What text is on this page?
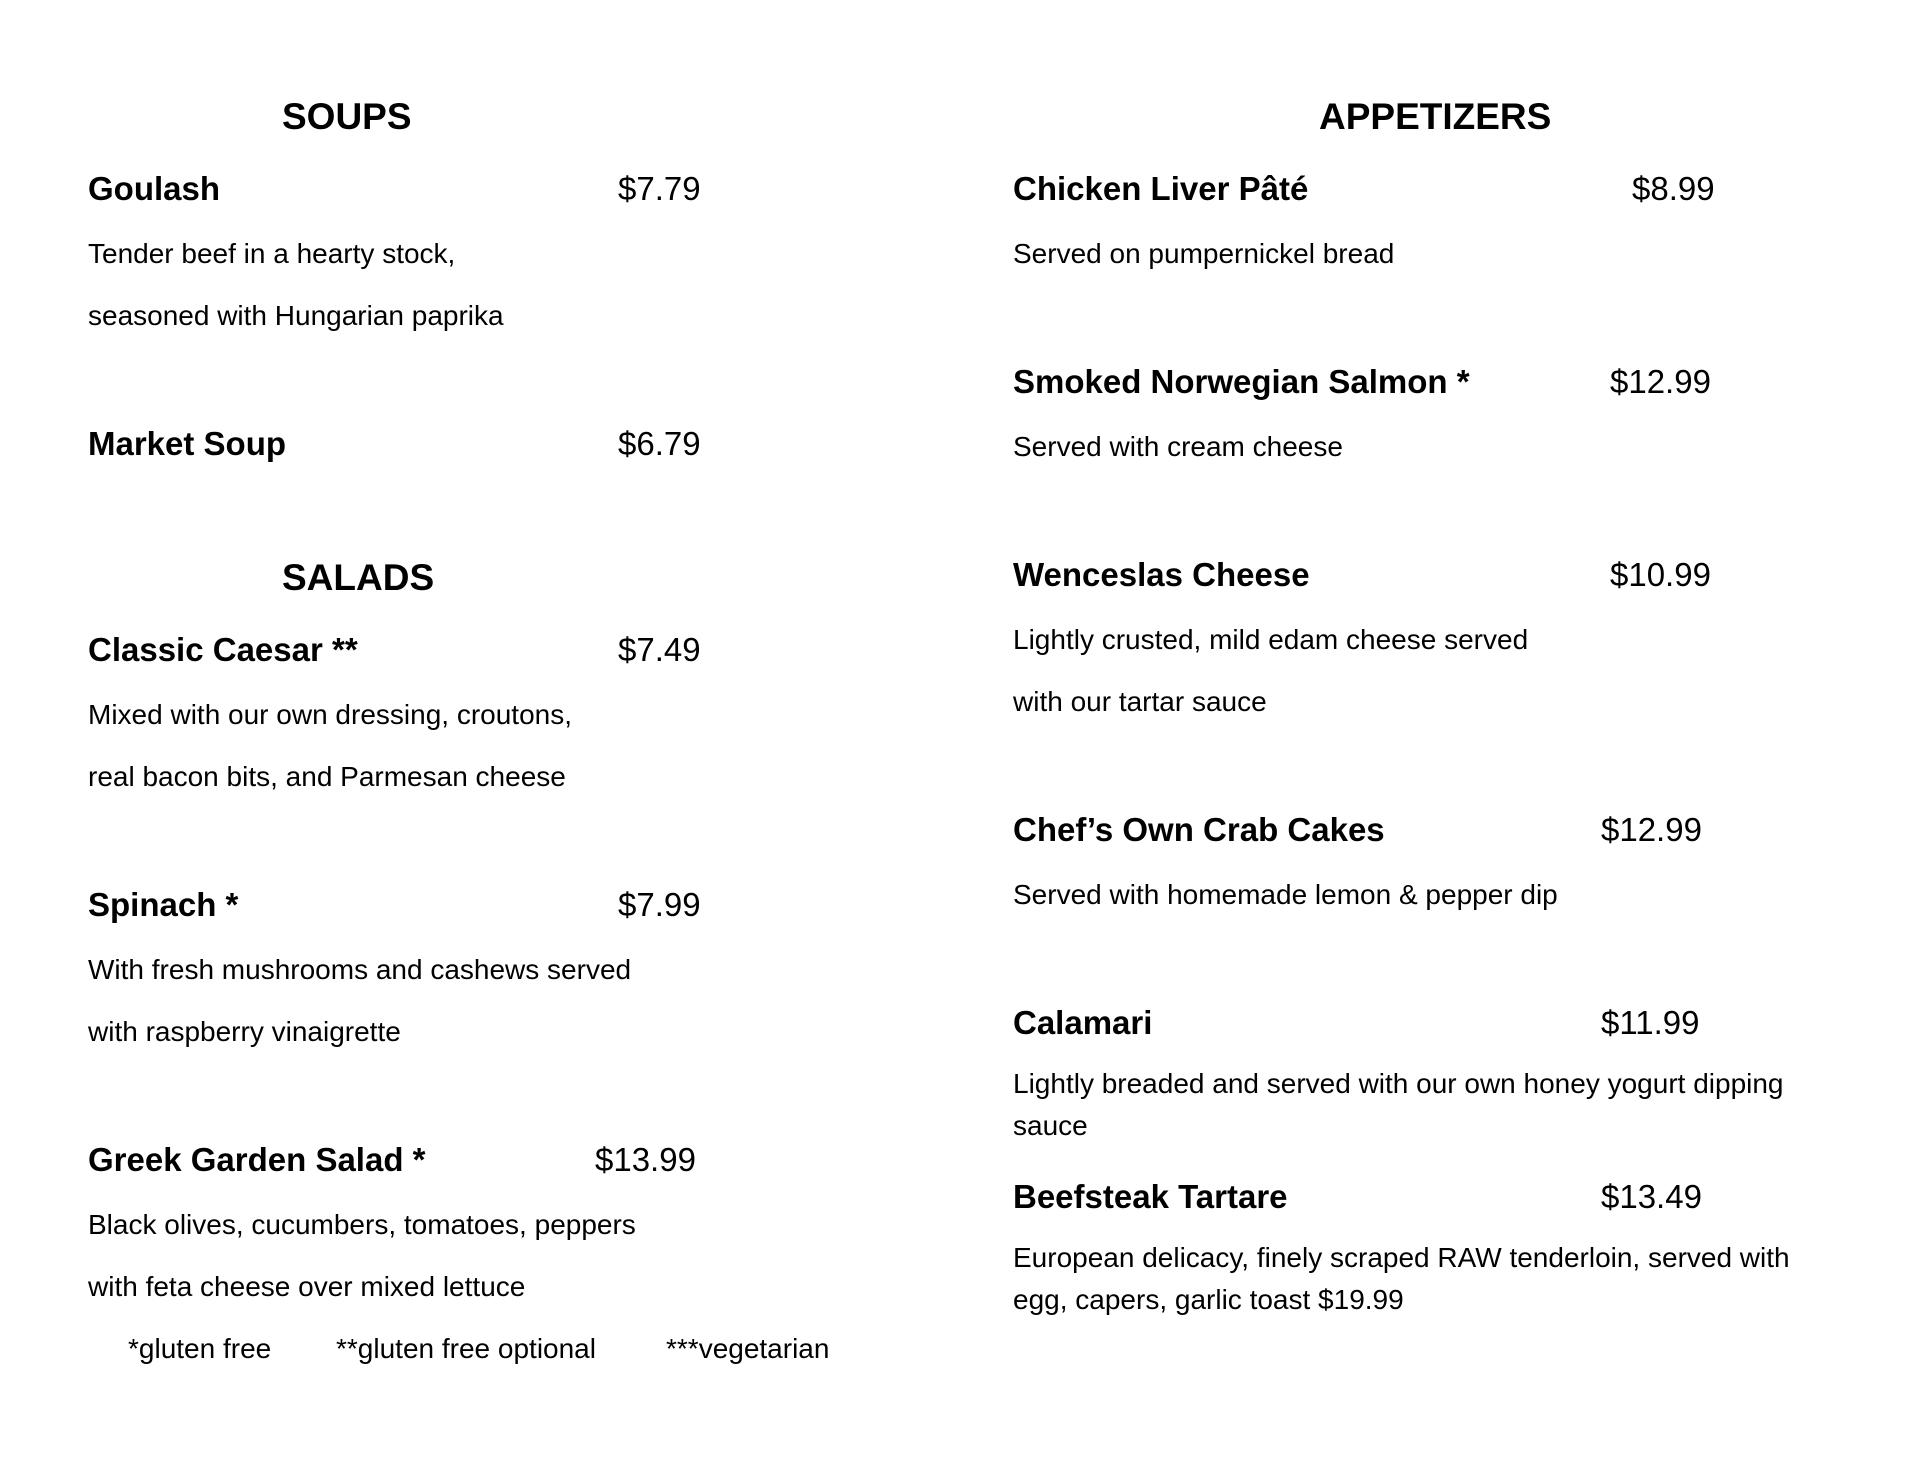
SOUPS
Goulash	$7.79
Tender beef in a hearty stock,
seasoned with Hungarian paprika
Market Soup	$6.79
SALADS
Classic Caesar **	$7.49
Mixed with our own dressing, croutons,
real bacon bits, and Parmesan cheese
Spinach *	$7.99
With fresh mushrooms and cashews served
with raspberry vinaigrette
Greek Garden Salad *	$13.99
Black olives, cucumbers, tomatoes, peppers
with feta cheese over mixed lettuce
*gluten free **gluten free optional	***vegetarian
APPETIZERS
Chicken Liver Pâté	$8.99
Served on pumpernickel bread
Smoked Norwegian Salmon *	$12.99
Served with cream cheese
Wenceslas Cheese	$10.99
Lightly crusted, mild edam cheese served
with our tartar sauce
Chef’s Own Crab Cakes	$12.99
Served with homemade lemon & pepper dip
Calamari	$11.99
Lightly breaded and served with our own honey yogurt dipping sauce
Beefsteak Tartare	$13.49
European delicacy, finely scraped RAW tenderloin, served with egg, capers, garlic toast $19.99
